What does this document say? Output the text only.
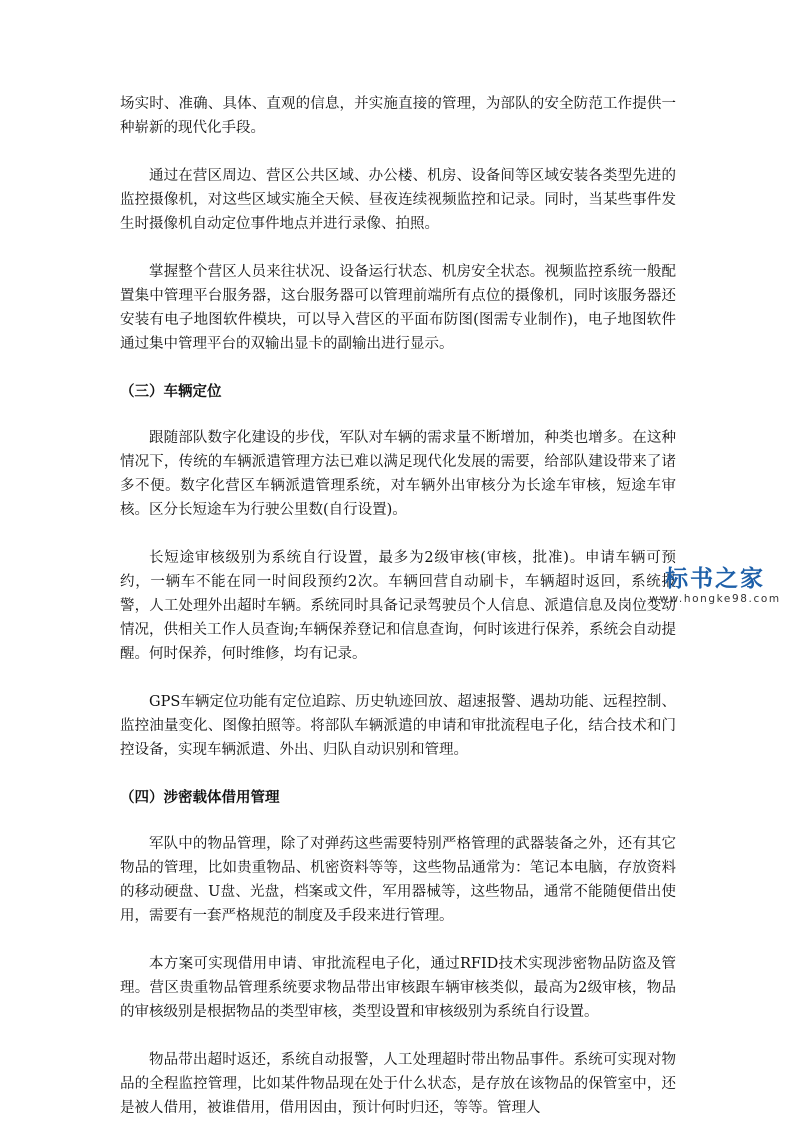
场实时、准确、具体、直观的信息，并实施直接的管理，为部队的安全防范工作提供一种崭新的现代化手段。

通过在营区周边、营区公共区域、办公楼、机房、设备间等区域安装各类型先进的监控摄像机，对这些区域实施全天候、昼夜连续视频监控和记录。同时，当某些事件发生时摄像机自动定位事件地点并进行录像、拍照。

掌握整个营区人员来往状况、设备运行状态、机房安全状态。视频监控系统一般配置集中管理平台服务器，这台服务器可以管理前端所有点位的摄像机，同时该服务器还安装有电子地图软件模块，可以导入营区的平面布防图(图需专业制作)，电子地图软件通过集中管理平台的双输出显卡的副输出进行显示。

（三）车辆定位

跟随部队数字化建设的步伐，军队对车辆的需求量不断增加，种类也增多。在这种情况下，传统的车辆派遣管理方法已难以满足现代化发展的需要，给部队建设带来了诸多不便。数字化营区车辆派遣管理系统，对车辆外出审核分为长途车审核，短途车审核。区分长短途车为行驶公里数(自行设置)。

长短途审核级别为系统自行设置，最多为2级审核(审核，批准)。申请车辆可预约，一辆车不能在同一时间段预约2次。车辆回营自动刷卡，车辆超时返回，系统报警，人工处理外出超时车辆。系统同时具备记录驾驶员个人信息、派遣信息及岗位变动情况，供相关工作人员查询;车辆保养登记和信息查询，何时该进行保养，系统会自动提醒。何时保养，何时维修，均有记录。

GPS车辆定位功能有定位追踪、历史轨迹回放、超速报警、遇劫功能、远程控制、监控油量变化、图像拍照等。将部队车辆派遣的申请和审批流程电子化，结合技术和门控设备，实现车辆派遣、外出、归队自动识别和管理。

（四）涉密载体借用管理

军队中的物品管理，除了对弹药这些需要特别严格管理的武器装备之外，还有其它物品的管理，比如贵重物品、机密资料等等，这些物品通常为：笔记本电脑，存放资料的移动硬盘、U盘、光盘，档案或文件，军用器械等，这些物品，通常不能随便借出使用，需要有一套严格规范的制度及手段来进行管理。

本方案可实现借用申请、审批流程电子化，通过RFID技术实现涉密物品防盗及管理。营区贵重物品管理系统要求物品带出审核跟车辆审核类似，最高为2级审核，物品的审核级别是根据物品的类型审核，类型设置和审核级别为系统自行设置。

物品带出超时返还，系统自动报警，人工处理超时带出物品事件。系统可实现对物品的全程监控管理，比如某件物品现在处于什么状态，是存放在该物品的保管室中，还是被人借用，被谁借用，借用因由，预计何时归还，等等。管理人

标书之家
www.hongke98.com
